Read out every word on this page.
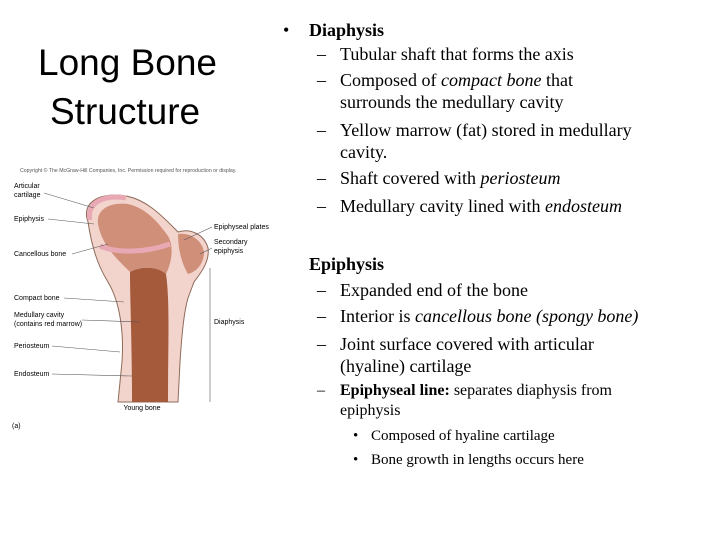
Long Bone
Structure
Copyright © The McGraw-Hill Companies, Inc. Permission required for reproduction or display.
Articular
cartilage
Epiphysis
Cancellous bone
Compact bone
Medullary cavity
(contains red marrow)
Periosteum
Endosteum
Epiphyseal plates
Secondary
epiphysis
Diaphysis
Young bone
(a)
• Diaphysis
– Tubular shaft that forms the axis
– Composed of compact bone that
surrounds the medullary cavity
– Yellow marrow (fat) stored in medullary
cavity.
– Shaft covered with periosteum
– Medullary cavity lined with endosteum
Epiphysis
– Expanded end of the bone
– Interior is cancellous bone (spongy bone)
– Joint surface covered with articular
(hyaline) cartilage
– Epiphyseal line: separates diaphysis from
epiphysis
• Composed of hyaline cartilage
• Bone growth in lengths occurs here
